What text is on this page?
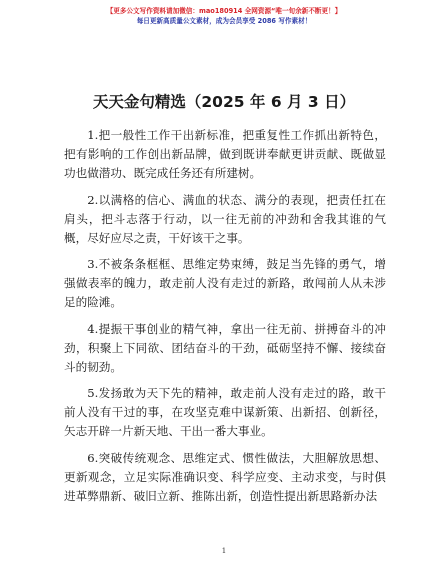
【更多公文写作资料请加微信：mao180914 全网资源“唯一旬余新不断更！】
每日更新高质量公文素材，成为会员享受 2086 写作素材！
天天金句精选（2025 年 6 月 3 日）

1.把一般性工作干出新标准，把重复性工作抓出新特色，把有影响的工作创出新品牌，做到既讲奉献更讲贡献、既做显功也做潜功、既完成任务还有所建树。

2.以满格的信心、满血的状态、满分的表现，把责任扛在肩头，把斗志落于行动，以一往无前的冲劲和舍我其谁的气概，尽好应尽之责，干好该干之事。

3.不被条条框框、思维定势束缚，鼓足当先锋的勇气，增强做表率的魄力，敢走前人没有走过的新路，敢闯前人从未涉足的险滩。

4.提振干事创业的精气神，拿出一往无前、拼搏奋斗的冲劲，积聚上下同欲、团结奋斗的干劲，砥砺坚持不懈、接续奋斗的韧劲。

5.发扬敢为天下先的精神，敢走前人没有走过的路，敢干前人没有干过的事，在攻坚克难中谋新策、出新招、创新径，矢志开辟一片新天地、干出一番大事业。

6.突破传统观念、思维定式、惯性做法，大胆解放思想、更新观念，立足实际准确识变、科学应变、主动求变，与时俱进革弊鼎新、破旧立新、推陈出新，创造性提出新思路新办法

1
